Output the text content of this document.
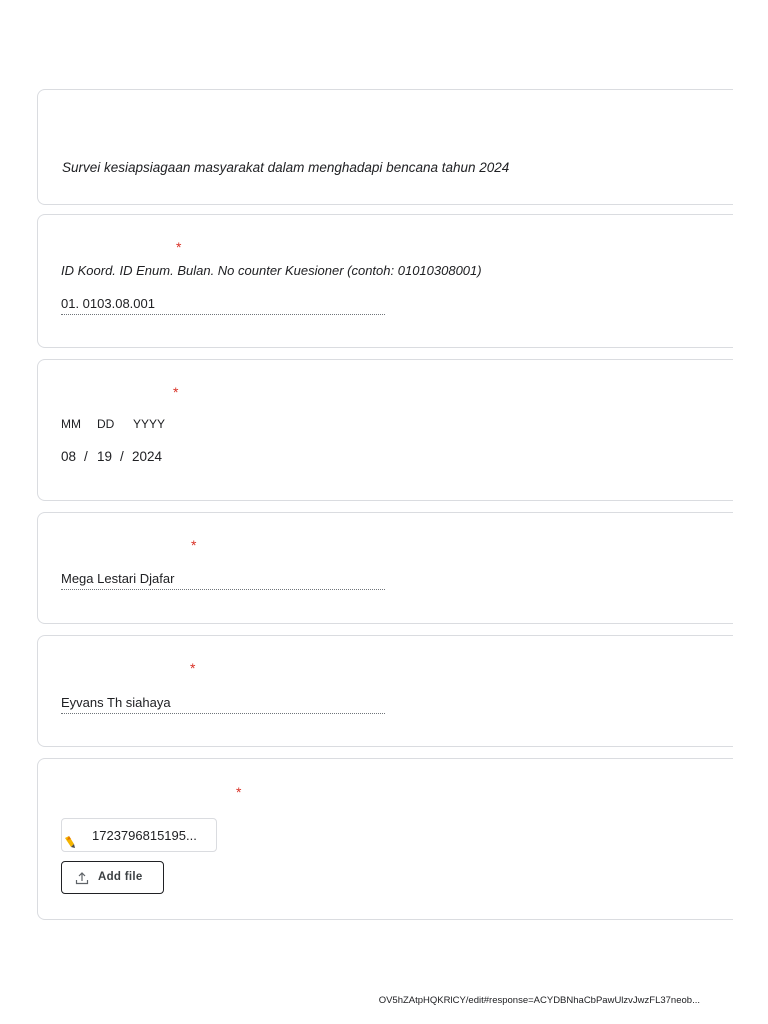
Survei kesiapsiagaan masyarakat dalam menghadapi bencana tahun 2024
*
ID Koord. ID Enum. Bulan. No counter Kuesioner (contoh: 01010308001)
01. 0103.08.001
*
MM DD YYYY
08 / 19 / 2024
*
Mega Lestari Djafar
*
Eyvans Th siahaya
*
1723796815195...
Add file
OV5hZAtpHQKRlCY/edit#response=ACYDBNhaCbPawUlzvJwzFL37neob...
